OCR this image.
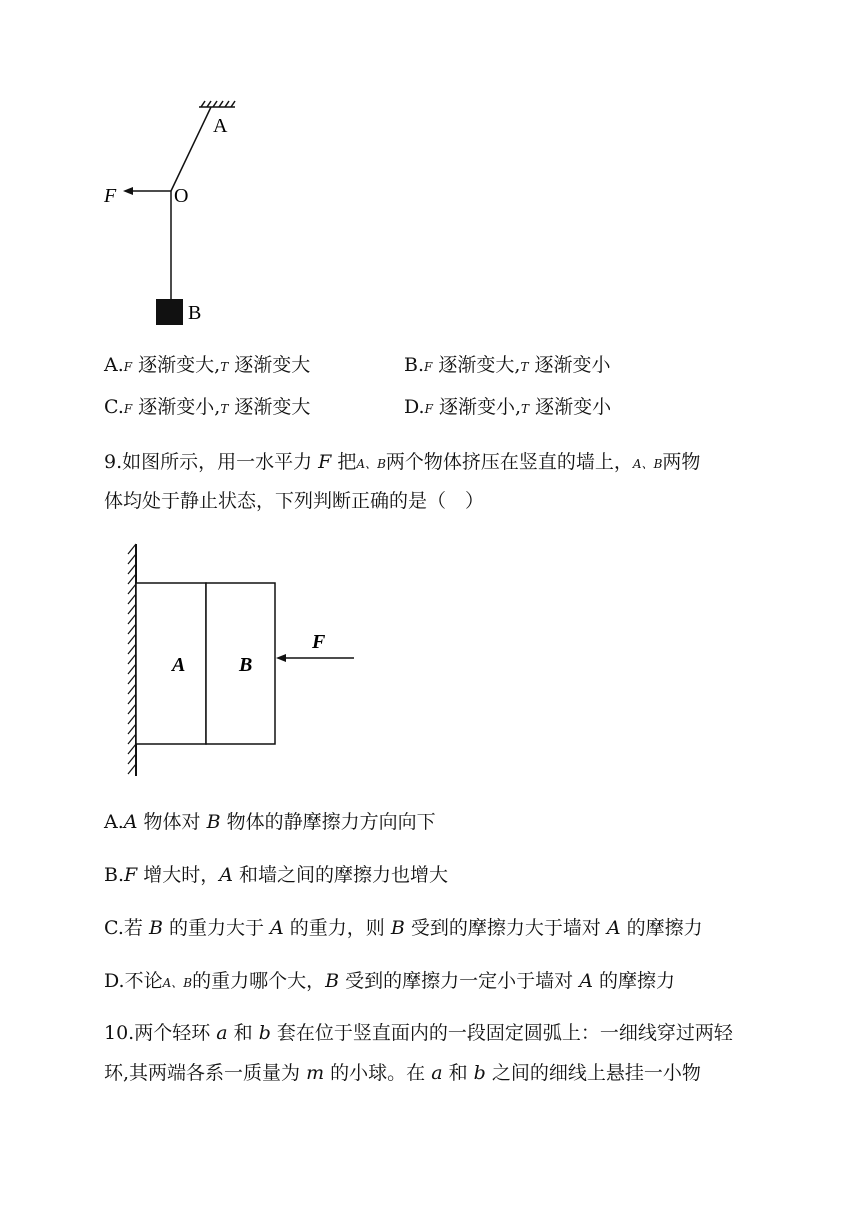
A
O
F
B
A.F 逐渐变大,T 逐渐变大	B.F 逐渐变大,T 逐渐变小
C.F 逐渐变小,T 逐渐变大	D.F 逐渐变小,T 逐渐变小
9.如图所示，用一水平力 F 把A、B两个物体挤压在竖直的墙上，A、B两物
体均处于静止状态，下列判断正确的是（　）
A	B
F
A.A 物体对 B 物体的静摩擦力方向向下
B.F 增大时，A 和墙之间的摩擦力也增大
C.若 B 的重力大于 A 的重力，则 B 受到的摩擦力大于墙对 A 的摩擦力
D.不论A、B的重力哪个大，B 受到的摩擦力一定小于墙对 A 的摩擦力
10.两个轻环 a 和 b 套在位于竖直面内的一段固定圆弧上：一细线穿过两轻
环,其两端各系一质量为 m 的小球。在 a 和 b 之间的细线上悬挂一小物
